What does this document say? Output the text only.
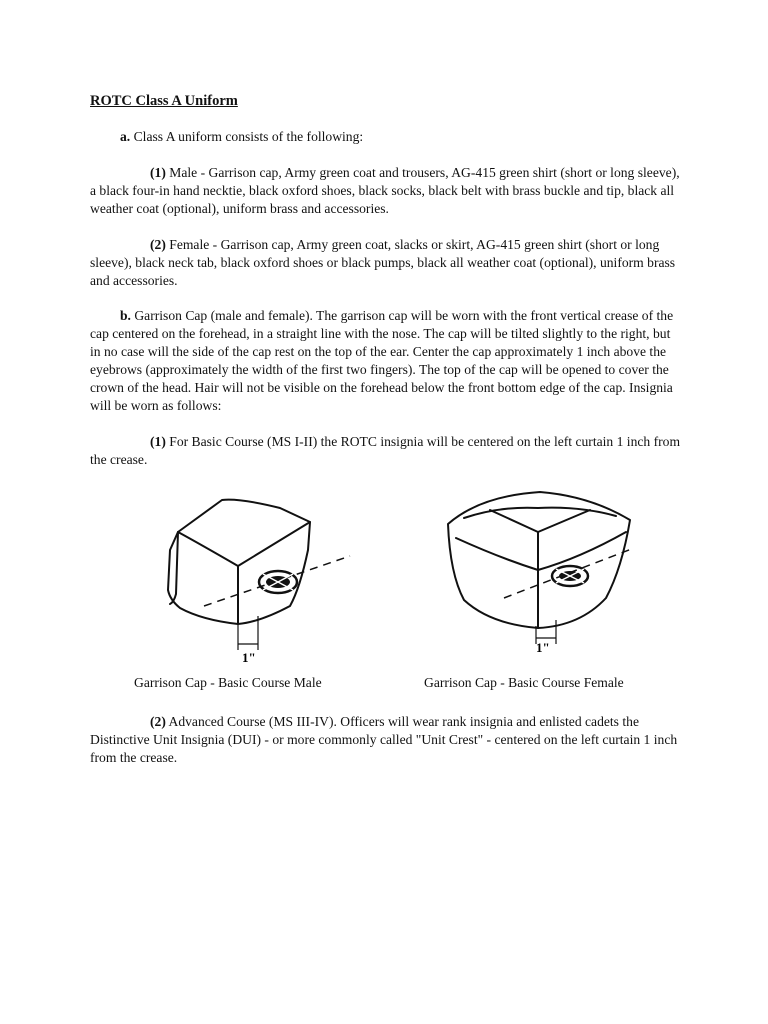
ROTC Class A Uniform

a. Class A uniform consists of the following:

(1) Male - Garrison cap, Army green coat and trousers, AG-415 green shirt (short or long sleeve), a black four-in hand necktie, black oxford shoes, black socks, black belt with brass buckle and tip, black all weather coat (optional), uniform brass and accessories.

(2) Female - Garrison cap, Army green coat, slacks or skirt, AG-415 green shirt (short or long sleeve), black neck tab, black oxford shoes or black pumps, black all weather coat (optional), uniform brass and accessories.

b. Garrison Cap (male and female). The garrison cap will be worn with the front vertical crease of the cap centered on the forehead, in a straight line with the nose. The cap will be tilted slightly to the right, but in no case will the side of the cap rest on the top of the ear. Center the cap approximately 1 inch above the eyebrows (approximately the width of the first two fingers). The top of the cap will be opened to cover the crown of the head. Hair will not be visible on the forehead below the front bottom edge of the cap. Insignia will be worn as follows:

(1) For Basic Course (MS I-II) the ROTC insignia will be centered on the left curtain 1 inch from the crease.

1"
1"

Garrison Cap - Basic Course Male	Garrison Cap - Basic Course Female

(2) Advanced Course (MS III-IV). Officers will wear rank insignia and enlisted cadets the Distinctive Unit Insignia (DUI) - or more commonly called "Unit Crest" - centered on the left curtain 1 inch from the crease.
